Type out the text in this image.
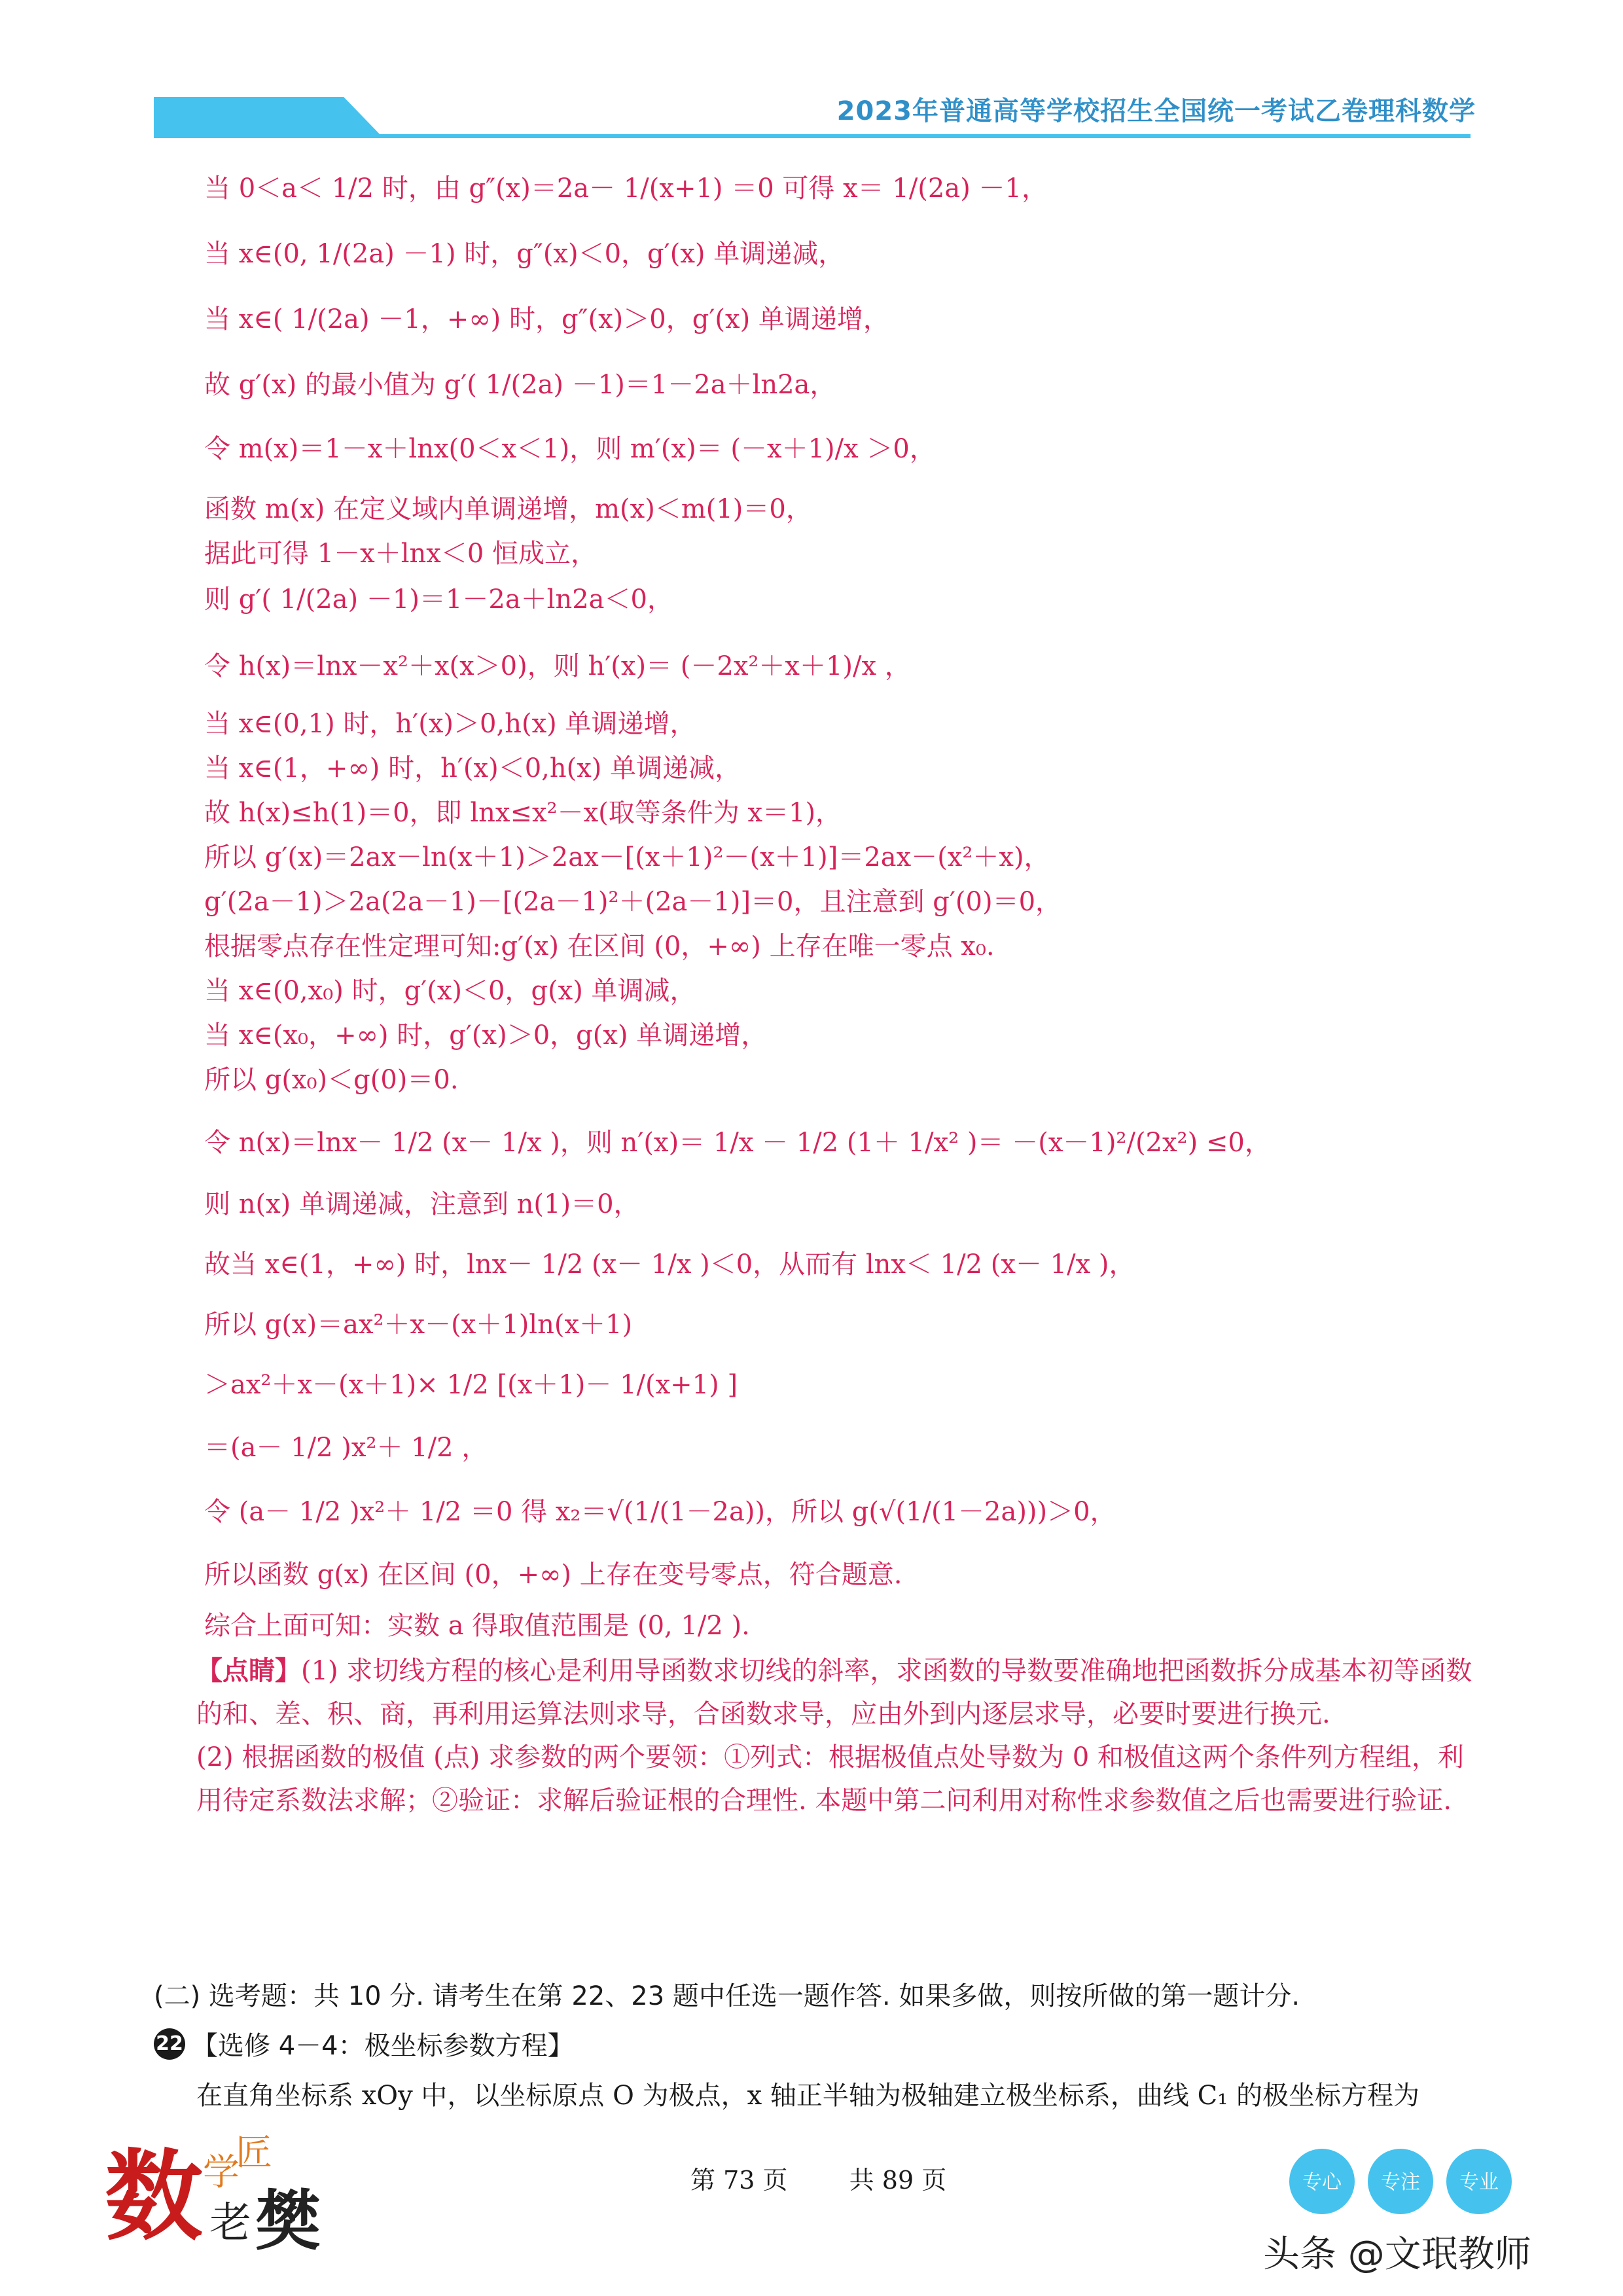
2023年普通高等学校招生全国统一考试乙卷理科数学
当 0＜a＜ 1/2 时，由 g″(x)＝2a－ 1/(x+1) ＝0 可得 x＝ 1/(2a) －1，
当 x∈(0, 1/(2a) －1) 时，g″(x)＜0，g′(x) 单调递减，
当 x∈( 1/(2a) －1，+∞) 时，g″(x)＞0，g′(x) 单调递增，
故 g′(x) 的最小值为 g′( 1/(2a) －1)＝1－2a＋ln2a，
令 m(x)＝1－x＋lnx(0＜x＜1)，则 m′(x)＝ (－x＋1)/x ＞0，
函数 m(x) 在定义域内单调递增，m(x)＜m(1)＝0，
据此可得 1－x＋lnx＜0 恒成立，
则 g′( 1/(2a) －1)＝1－2a＋ln2a＜0，
令 h(x)＝lnx－x²＋x(x＞0)，则 h′(x)＝ (－2x²＋x＋1)/x ，
当 x∈(0,1) 时，h′(x)＞0,h(x) 单调递增，
当 x∈(1，+∞) 时，h′(x)＜0,h(x) 单调递减，
故 h(x)≤h(1)＝0，即 lnx≤x²－x(取等条件为 x＝1)，
所以 g′(x)＝2ax－ln(x＋1)＞2ax－[(x＋1)²－(x＋1)]＝2ax－(x²＋x)，
g′(2a－1)＞2a(2a－1)－[(2a－1)²＋(2a－1)]＝0，且注意到 g′(0)＝0，
根据零点存在性定理可知:g′(x) 在区间 (0，+∞) 上存在唯一零点 x₀.
当 x∈(0,x₀) 时，g′(x)＜0，g(x) 单调减，
当 x∈(x₀，+∞) 时，g′(x)＞0，g(x) 单调递增，
所以 g(x₀)＜g(0)＝0.
令 n(x)＝lnx－ 1/2 (x－ 1/x )，则 n′(x)＝ 1/x － 1/2 (1＋ 1/x² )＝ －(x－1)²/(2x²) ≤0，
则 n(x) 单调递减，注意到 n(1)＝0，
故当 x∈(1，+∞) 时，lnx－ 1/2 (x－ 1/x )＜0，从而有 lnx＜ 1/2 (x－ 1/x )，
所以 g(x)＝ax²＋x－(x＋1)ln(x＋1)
＞ax²＋x－(x＋1)× 1/2 [(x＋1)－ 1/(x+1) ]
＝(a－ 1/2 )x²＋ 1/2 ，
令 (a－ 1/2 )x²＋ 1/2 ＝0 得 x₂＝√(1/(1－2a))，所以 g(√(1/(1－2a)))＞0，
所以函数 g(x) 在区间 (0，+∞) 上存在变号零点，符合题意.
综合上面可知：实数 a 得取值范围是 (0, 1/2 ).
【点睛】(1) 求切线方程的核心是利用导函数求切线的斜率，求函数的导数要准确地把函数拆分成基本初等函数的和、差、积、商，再利用运算法则求导，合函数求导，应由外到内逐层求导，必要时要进行换元.
(2) 根据函数的极值 (点) 求参数的两个要领：①列式：根据极值点处导数为 0 和极值这两个条件列方程组，利用待定系数法求解；②验证：求解后验证根的合理性. 本题中第二问利用对称性求参数值之后也需要进行验证.
(二) 选考题：共 10 分. 请考生在第 22、23 题中任选一题作答. 如果多做，则按所做的第一题计分.
22 【选修 4－4：极坐标参数方程】
在直角坐标系 xOy 中，以坐标原点 O 为极点，x 轴正半轴为极轴建立极坐标系，曲线 C₁ 的极坐标方程为
第 73 页 共 89 页
数 学
匠
老 樊	专心 专注 专业
头条 @文珉教师
